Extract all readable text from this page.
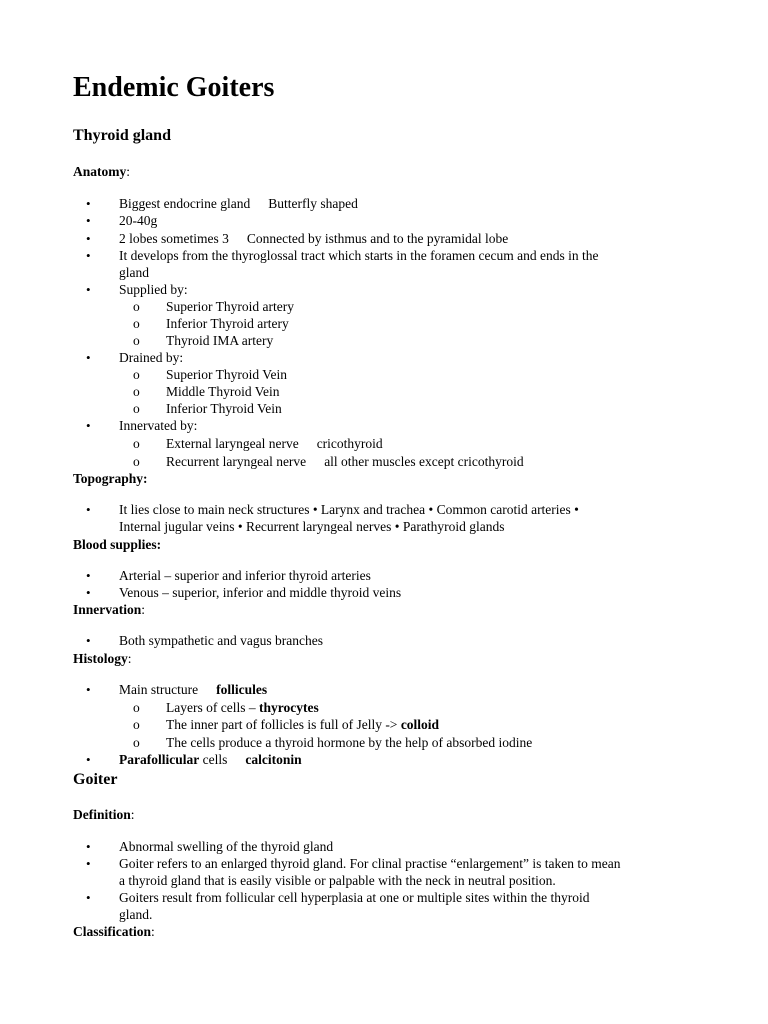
Endemic Goiters
Thyroid gland
Anatomy:
• Biggest endocrine gland Butterfly shaped
• 20-40g
• 2 lobes sometimes 3 Connected by isthmus and to the pyramidal lobe
• It develops from the thyroglossal tract which starts in the foramen cecum and ends in the
gland
• Supplied by:
o Superior Thyroid artery
o Inferior Thyroid artery
o Thyroid IMA artery
• Drained by:
o Superior Thyroid Vein
o Middle Thyroid Vein
o Inferior Thyroid Vein
• Innervated by:
o External laryngeal nerve cricothyroid
o Recurrent laryngeal nerve all other muscles except cricothyroid
Topography:
• It lies close to main neck structures • Larynx and trachea • Common carotid arteries •
Internal jugular veins • Recurrent laryngeal nerves • Parathyroid glands
Blood supplies:
• Arterial – superior and inferior thyroid arteries
• Venous – superior, inferior and middle thyroid veins
Innervation:
• Both sympathetic and vagus branches
Histology:
• Main structure follicules
o Layers of cells – thyrocytes
o The inner part of follicles is full of Jelly -> colloid
o The cells produce a thyroid hormone by the help of absorbed iodine
• Parafollicular cells calcitonin
Goiter
Definition:
• Abnormal swelling of the thyroid gland
• Goiter refers to an enlarged thyroid gland. For clinal practise “enlargement” is taken to mean
a thyroid gland that is easily visible or palpable with the neck in neutral position.
• Goiters result from follicular cell hyperplasia at one or multiple sites within the thyroid
gland.
Classification:
